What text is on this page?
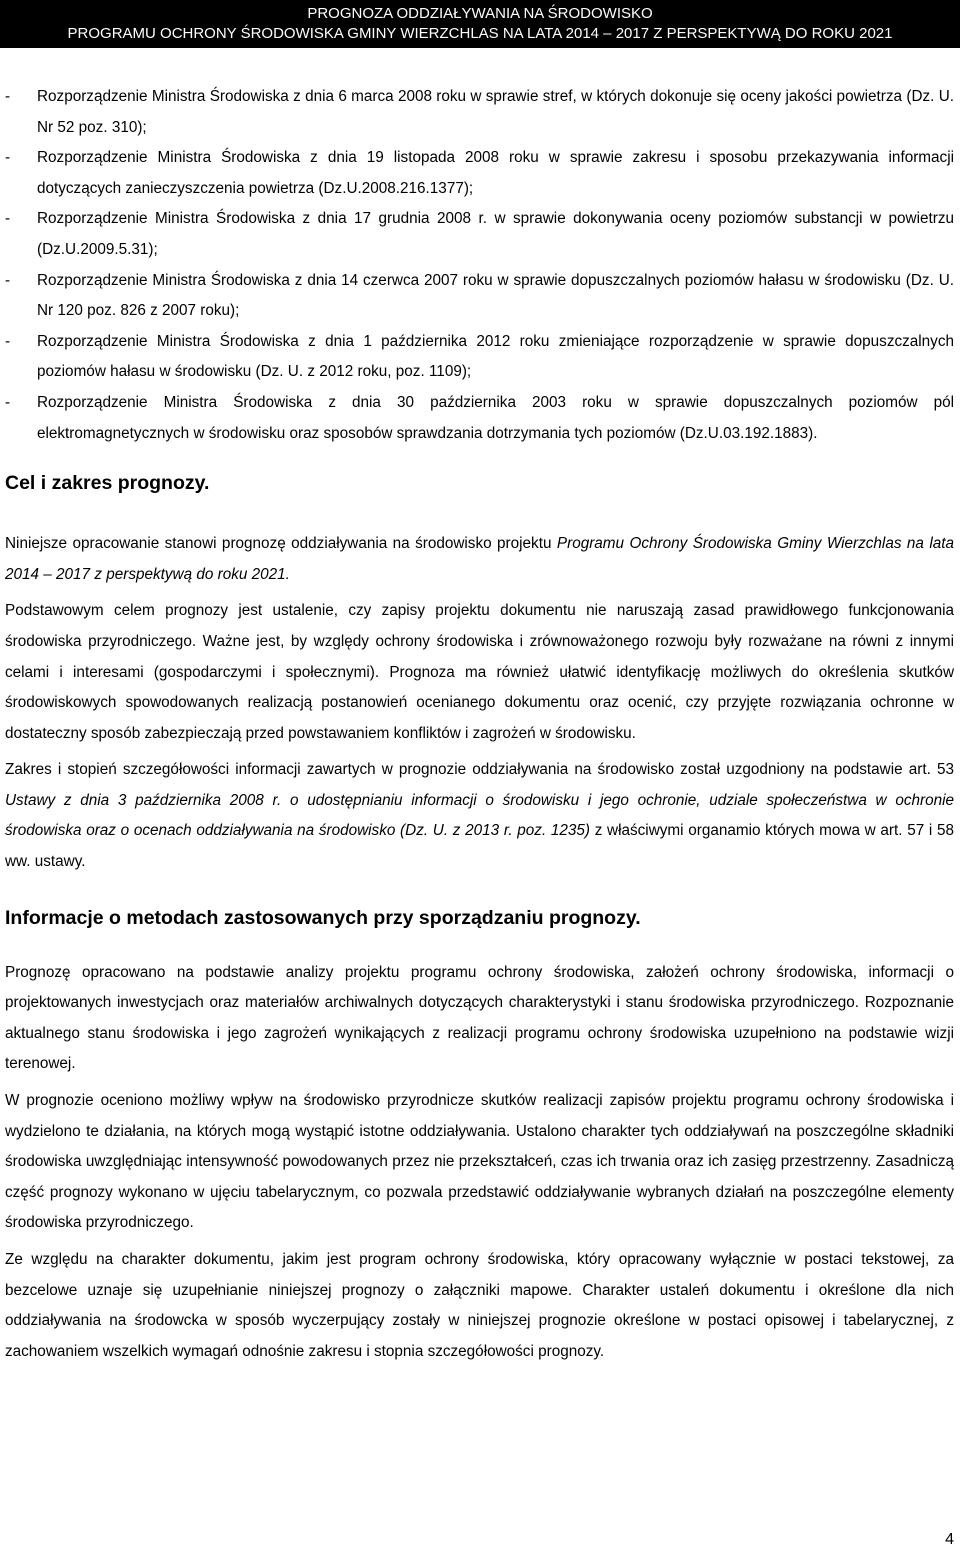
PROGNOZA ODDZIAŁYWANIA NA ŚRODOWISKO
PROGRAMU OCHRONY ŚRODOWISKA GMINY WIERZCHLAS NA LATA 2014 – 2017 Z PERSPEKTYWĄ DO ROKU 2021
-	Rozporządzenie Ministra Środowiska z dnia 6 marca 2008 roku w sprawie stref, w których dokonuje się oceny jakości powietrza (Dz. U. Nr 52 poz. 310);
-	Rozporządzenie Ministra Środowiska z dnia 19 listopada 2008 roku w sprawie zakresu i sposobu przekazywania informacji dotyczących zanieczyszczenia powietrza (Dz.U.2008.216.1377);
-	Rozporządzenie Ministra Środowiska z dnia 17 grudnia 2008 r. w sprawie dokonywania oceny poziomów substancji w powietrzu (Dz.U.2009.5.31);
-	Rozporządzenie Ministra Środowiska z dnia 14 czerwca 2007 roku w sprawie dopuszczalnych poziomów hałasu w środowisku (Dz. U. Nr 120 poz. 826 z 2007 roku);
-	Rozporządzenie Ministra Środowiska z dnia 1 października 2012 roku zmieniające rozporządzenie w sprawie dopuszczalnych poziomów hałasu w środowisku (Dz. U. z 2012 roku, poz. 1109);
-	Rozporządzenie Ministra Środowiska z dnia 30 października 2003 roku w sprawie dopuszczalnych poziomów pól elektromagnetycznych w środowisku oraz sposobów sprawdzania dotrzymania tych poziomów (Dz.U.03.192.1883).
Cel i zakres prognozy.

Niniejsze opracowanie stanowi prognozę oddziaływania na środowisko projektu Programu Ochrony Środowiska Gminy Wierzchlas na lata 2014 – 2017 z perspektywą do roku 2021.

Podstawowym celem prognozy jest ustalenie, czy zapisy projektu dokumentu nie naruszają zasad prawidłowego funkcjonowania środowiska przyrodniczego. Ważne jest, by względy ochrony środowiska i zrównoważonego rozwoju były rozważane na równi z innymi celami i interesami (gospodarczymi i społecznymi). Prognoza ma również ułatwić identyfikację możliwych do określenia skutków środowiskowych spowodowanych realizacją postanowień ocenianego dokumentu oraz ocenić, czy przyjęte rozwiązania ochronne w dostateczny sposób zabezpieczają przed powstawaniem konfliktów i zagrożeń w środowisku.

Zakres i stopień szczegółowości informacji zawartych w prognozie oddziaływania na środowisko został uzgodniony na podstawie art. 53 Ustawy z dnia 3 października 2008 r. o udostępnianiu informacji o środowisku i jego ochronie, udziale społeczeństwa w ochronie środowiska oraz o ocenach oddziaływania na środowisko (Dz. U. z 2013 r. poz. 1235) z właściwymi organamio których mowa w art. 57 i 58 ww. ustawy.

Informacje o metodach zastosowanych przy sporządzaniu prognozy.

Prognozę opracowano na podstawie analizy projektu programu ochrony środowiska, założeń ochrony środowiska, informacji o projektowanych inwestycjach oraz materiałów archiwalnych dotyczących charakterystyki i stanu środowiska przyrodniczego. Rozpoznanie aktualnego stanu środowiska i jego zagrożeń wynikających z realizacji programu ochrony środowiska uzupełniono na podstawie wizji terenowej.

W prognozie oceniono możliwy wpływ na środowisko przyrodnicze skutków realizacji zapisów projektu programu ochrony środowiska i wydzielono te działania, na których mogą wystąpić istotne oddziaływania. Ustalono charakter tych oddziaływań na poszczególne składniki środowiska uwzględniając intensywność powodowanych przez nie przekształceń, czas ich trwania oraz ich zasięg przestrzenny. Zasadniczą część prognozy wykonano w ujęciu tabelarycznym, co pozwala przedstawić oddziaływanie wybranych działań na poszczególne elementy środowiska przyrodniczego.

Ze względu na charakter dokumentu, jakim jest program ochrony środowiska, który opracowany wyłącznie w postaci tekstowej, za bezcelowe uznaje się uzupełnianie niniejszej prognozy o załączniki mapowe. Charakter ustaleń dokumentu i określone dla nich oddziaływania na środowcka w sposób wyczerpujący zostały w niniejszej prognozie określone w postaci opisowej i tabelarycznej, z zachowaniem wszelkich wymagań odnośnie zakresu i stopnia szczegółowości prognozy.

4
